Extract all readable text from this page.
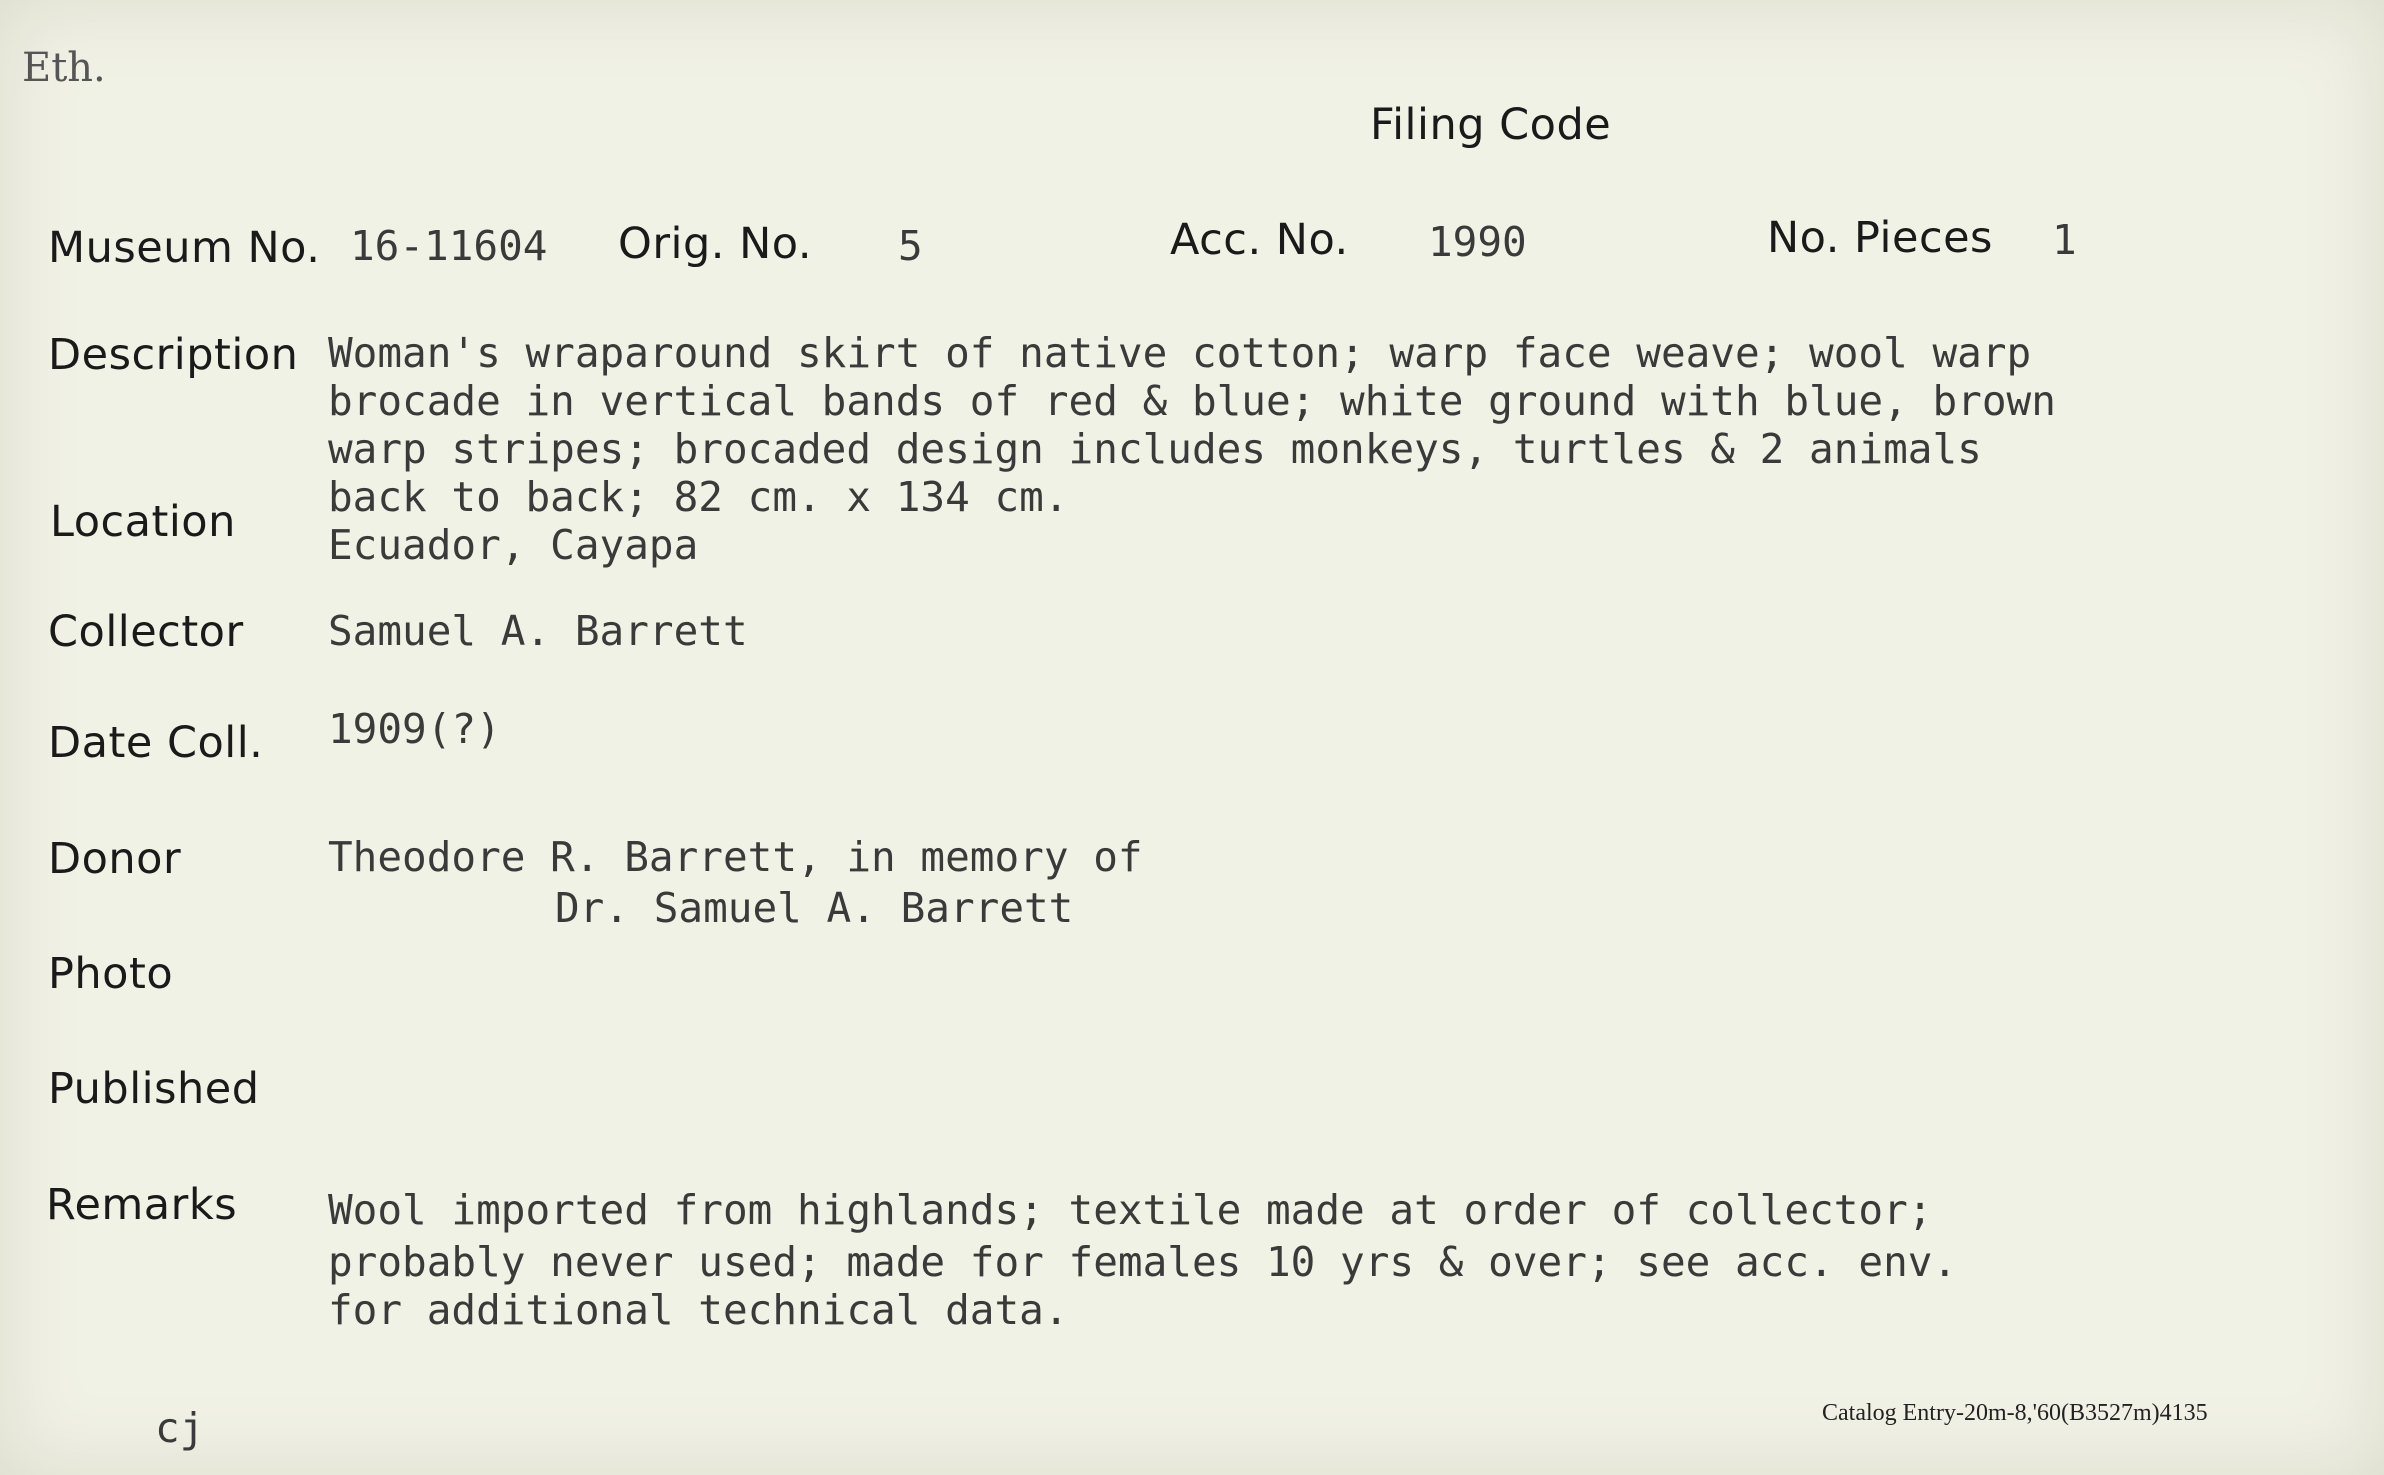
Eth.
Filing Code
Museum No. 16-11604 Orig. No. 5	Acc. No. 1990	No. Pieces 1
Description Woman's wraparound skirt of native cotton; warp face weave; wool warp
brocade in vertical bands of red & blue; white ground with blue, brown
warp stripes; brocaded design includes monkeys, turtles & 2 animals
back to back; 82 cm. x 134 cm.
Location Ecuador, Cayapa
Collector Samuel A. Barrett
Date Coll. 1909(?)
Donor	Theodore R. Barrett, in memory of
Dr. Samuel A. Barrett
Photo
Published
Remarks Wool imported from highlands; textile made at order of collector;
probably never used; made for females 10 yrs & over; see acc. env.
for additional technical data.
cj	Catalog Entry-20m-8,'60(B3527m)4135
